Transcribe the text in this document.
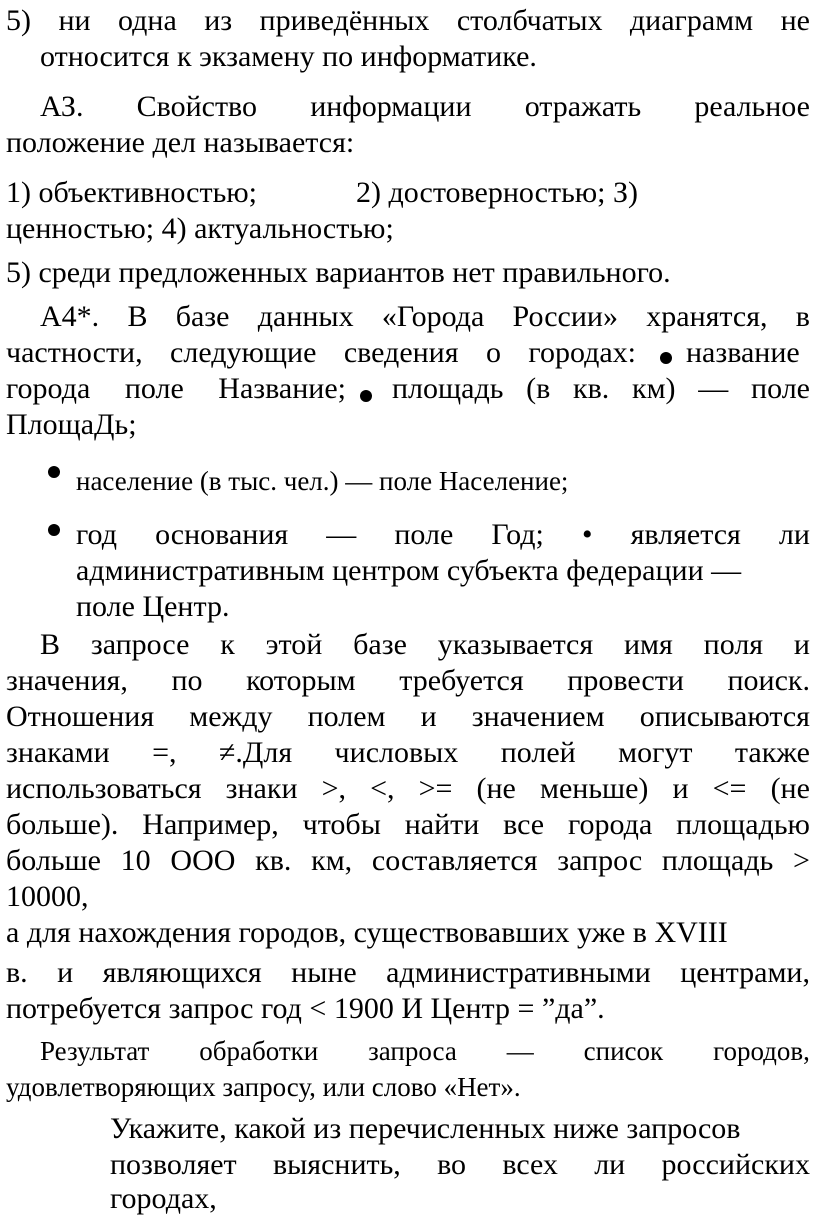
5) ни одна из приведённых столбчатых диаграмм не
относится к экзамену по информатике.
АЗ. Свойство информации отражать реальное
положение дел называется:
1) объективностью;	2) достоверностью; З)
ценностью; 4) актуальностью;
5) среди предложенных вариантов нет правильного.
А4*. В базе данных «Города России» хранятся, в
частности, следующие сведения о городах: название
города поле Название; площадь (в кв. км) — поле
ПлощаДь;
население (в тыс. чел.) — поле Население;
год основания — поле Год; • является ли
административным центром субъекта федерации —
поле Центр.
В запросе к этой базе указывается имя поля и
значения, по которым требуется провести поиск.
Отношения между полем и значением описываются
знаками =, ≠.Для числовых полей могут также
использоваться знаки >, <, >= (не меньше) и <= (не
больше). Например, чтобы найти все города площадью
больше 10 ООО кв. км, составляется запрос площадь >
10000,
а для нахождения городов, существовавших уже в XVIII
в. и являющихся ныне административными центрами,
потребуется запрос год < 1900 И Центр = ”да”.
Результат обработки запроса — список городов,
удовлетворяющих запросу, или слово «Нет».
Укажите, какой из перечисленных ниже запросов
позволяет выяснить, во всех ли российских
городах,
